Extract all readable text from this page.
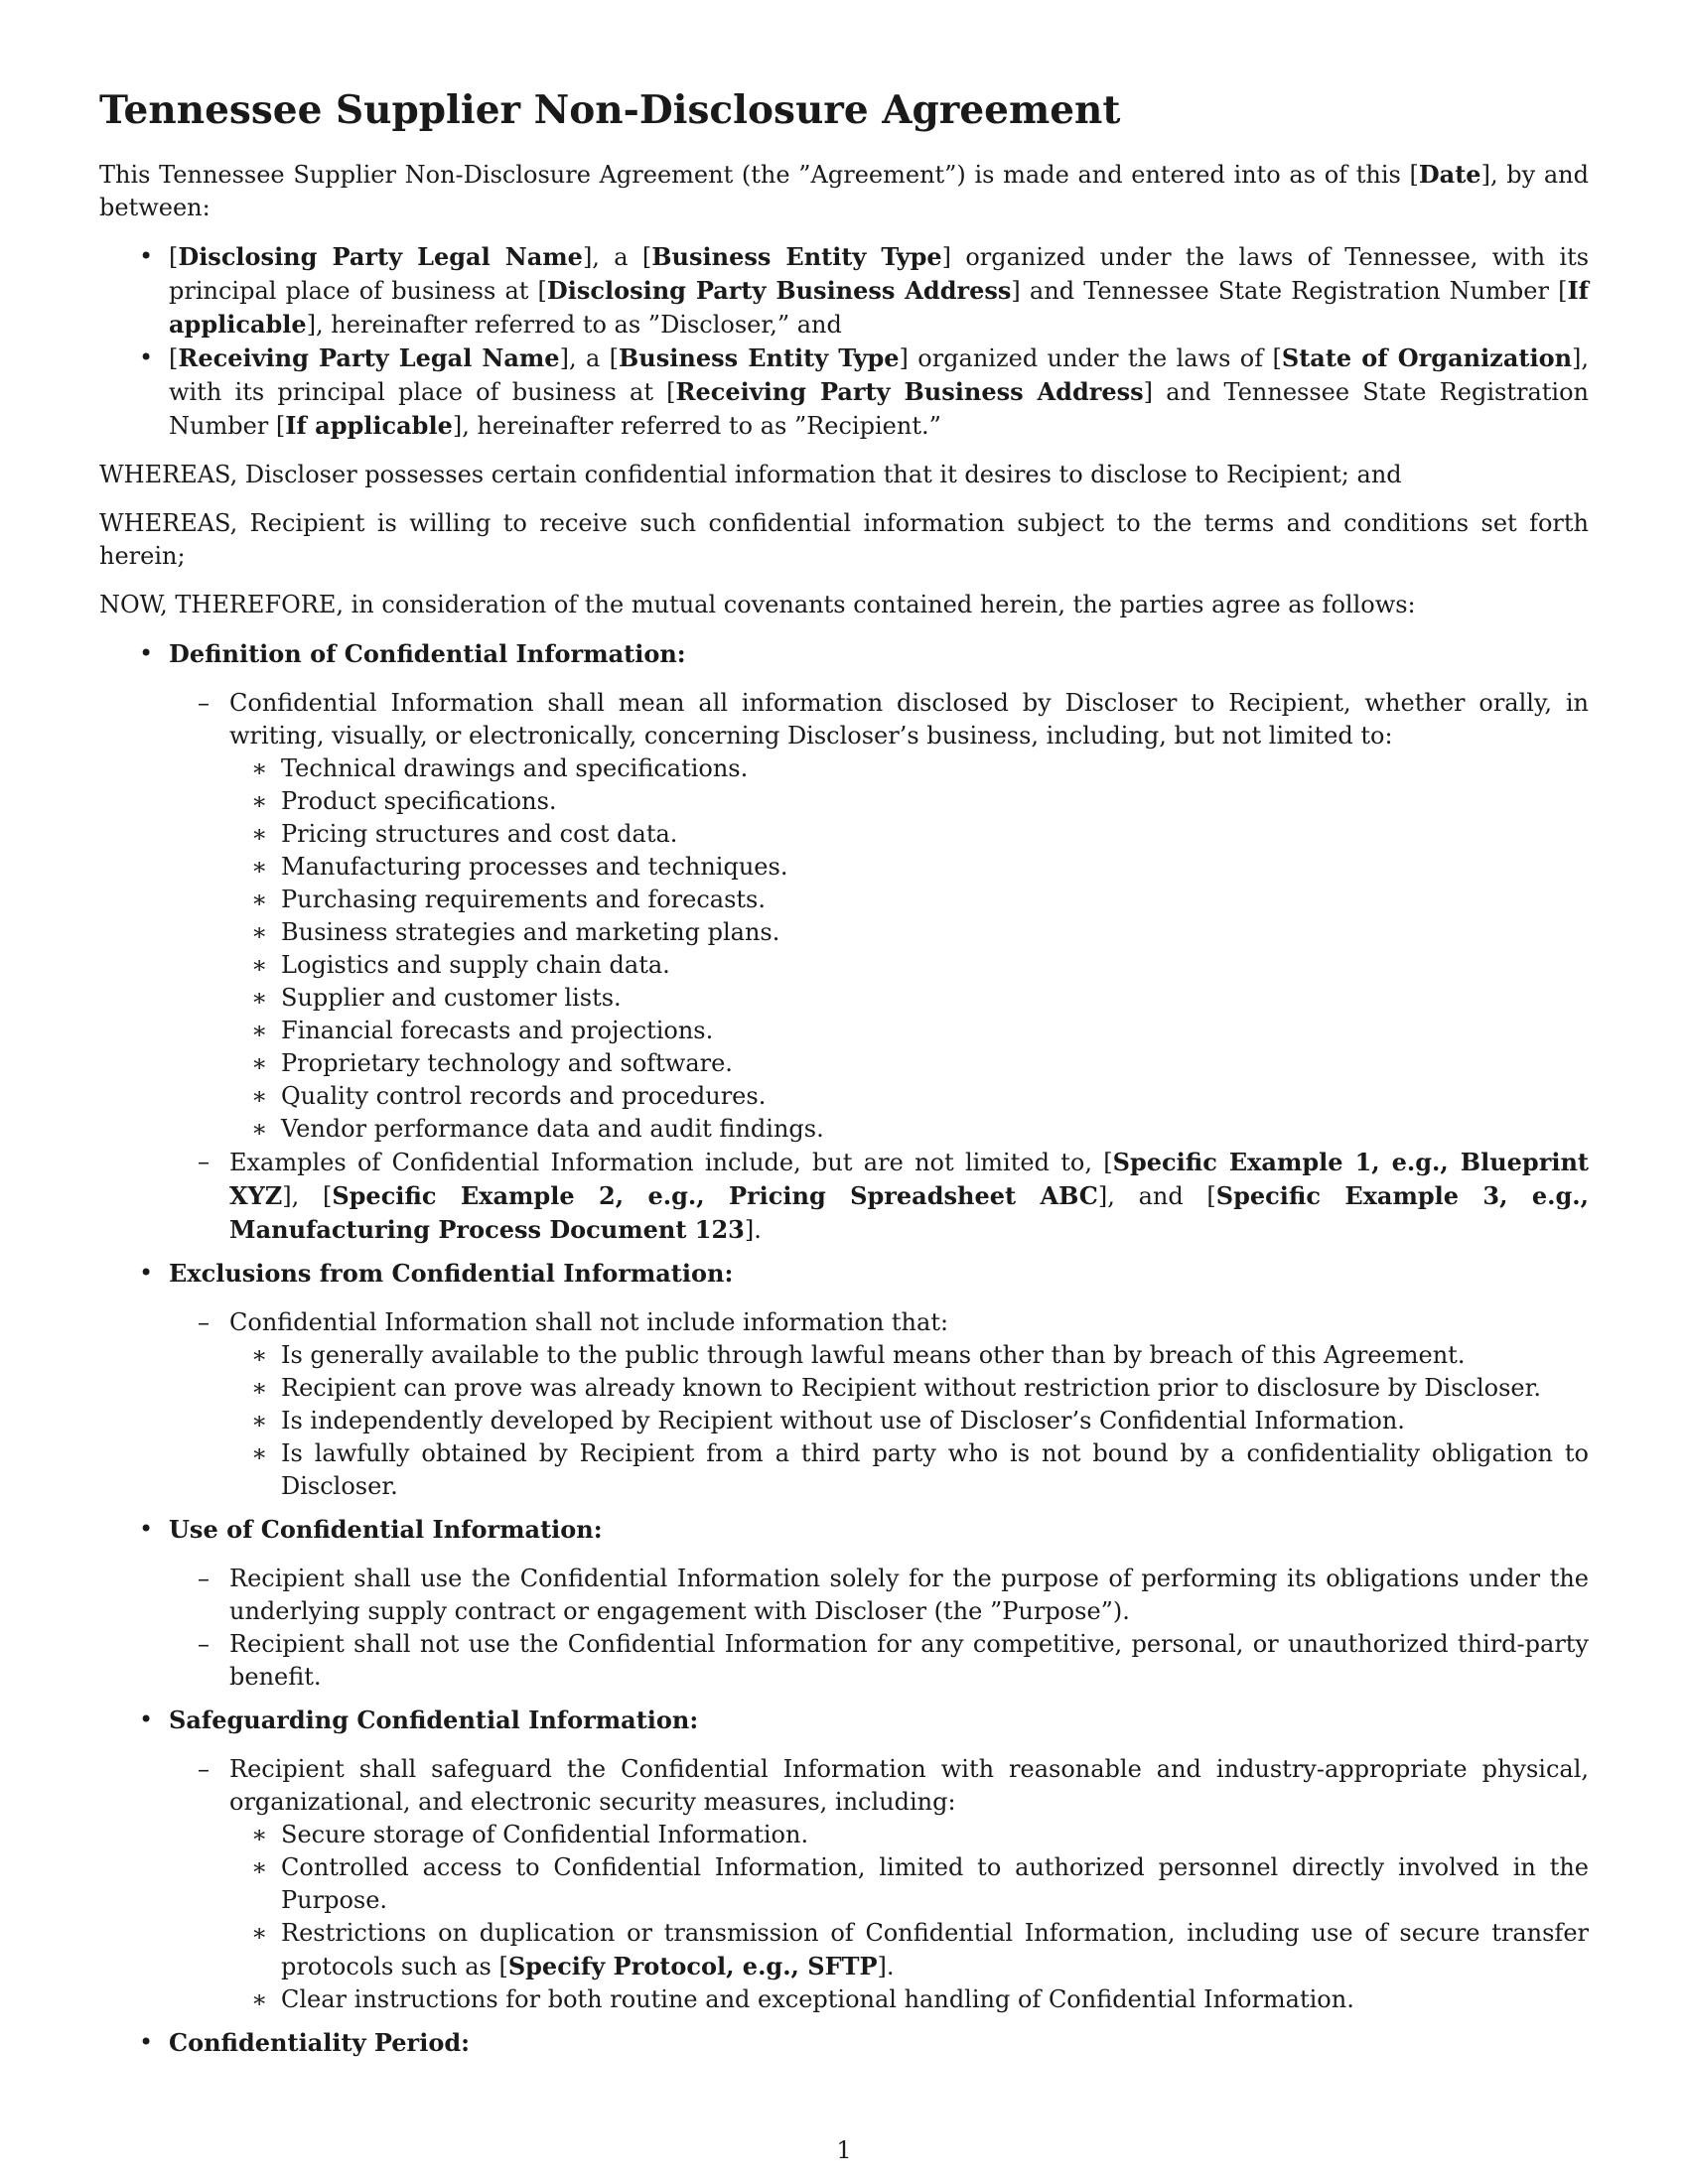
Tennessee Supplier Non-Disclosure Agreement

This Tennessee Supplier Non-Disclosure Agreement (the ”Agreement”) is made and entered into as of this [Date], by and between:

• [Disclosing Party Legal Name], a [Business Entity Type] organized under the laws of Tennessee, with its principal place of business at [Disclosing Party Business Address] and Tennessee State Registration Number [If applicable], hereinafter referred to as ”Discloser,” and
• [Receiving Party Legal Name], a [Business Entity Type] organized under the laws of [State of Organization], with its principal place of business at [Receiving Party Business Address] and Tennessee State Registration Number [If applicable], hereinafter referred to as ”Recipient.”

WHEREAS, Discloser possesses certain confidential information that it desires to disclose to Recipient; and

WHEREAS, Recipient is willing to receive such confidential information subject to the terms and conditions set forth herein;

NOW, THEREFORE, in consideration of the mutual covenants contained herein, the parties agree as follows:

• Definition of Confidential Information:
– Confidential Information shall mean all information disclosed by Discloser to Recipient, whether orally, in writing, visually, or electronically, concerning Discloser’s business, including, but not limited to:
∗ Technical drawings and specifications.
∗ Product specifications.
∗ Pricing structures and cost data.
∗ Manufacturing processes and techniques.
∗ Purchasing requirements and forecasts.
∗ Business strategies and marketing plans.
∗ Logistics and supply chain data.
∗ Supplier and customer lists.
∗ Financial forecasts and projections.
∗ Proprietary technology and software.
∗ Quality control records and procedures.
∗ Vendor performance data and audit findings.
– Examples of Confidential Information include, but are not limited to, [Specific Example 1, e.g., Blueprint XYZ], [Specific Example 2, e.g., Pricing Spreadsheet ABC], and [Specific Example 3, e.g., Manufacturing Process Document 123].
• Exclusions from Confidential Information:
– Confidential Information shall not include information that:
∗ Is generally available to the public through lawful means other than by breach of this Agreement.
∗ Recipient can prove was already known to Recipient without restriction prior to disclosure by Discloser.
∗ Is independently developed by Recipient without use of Discloser’s Confidential Information.
∗ Is lawfully obtained by Recipient from a third party who is not bound by a confidentiality obligation to Discloser.
• Use of Confidential Information:
– Recipient shall use the Confidential Information solely for the purpose of performing its obligations under the underlying supply contract or engagement with Discloser (the ”Purpose”).
– Recipient shall not use the Confidential Information for any competitive, personal, or unauthorized third-party benefit.
• Safeguarding Confidential Information:
– Recipient shall safeguard the Confidential Information with reasonable and industry-appropriate physical, organizational, and electronic security measures, including:
∗ Secure storage of Confidential Information.
∗ Controlled access to Confidential Information, limited to authorized personnel directly involved in the Purpose.
∗ Restrictions on duplication or transmission of Confidential Information, including use of secure transfer protocols such as [Specify Protocol, e.g., SFTP].
∗ Clear instructions for both routine and exceptional handling of Confidential Information.
• Confidentiality Period:
1
